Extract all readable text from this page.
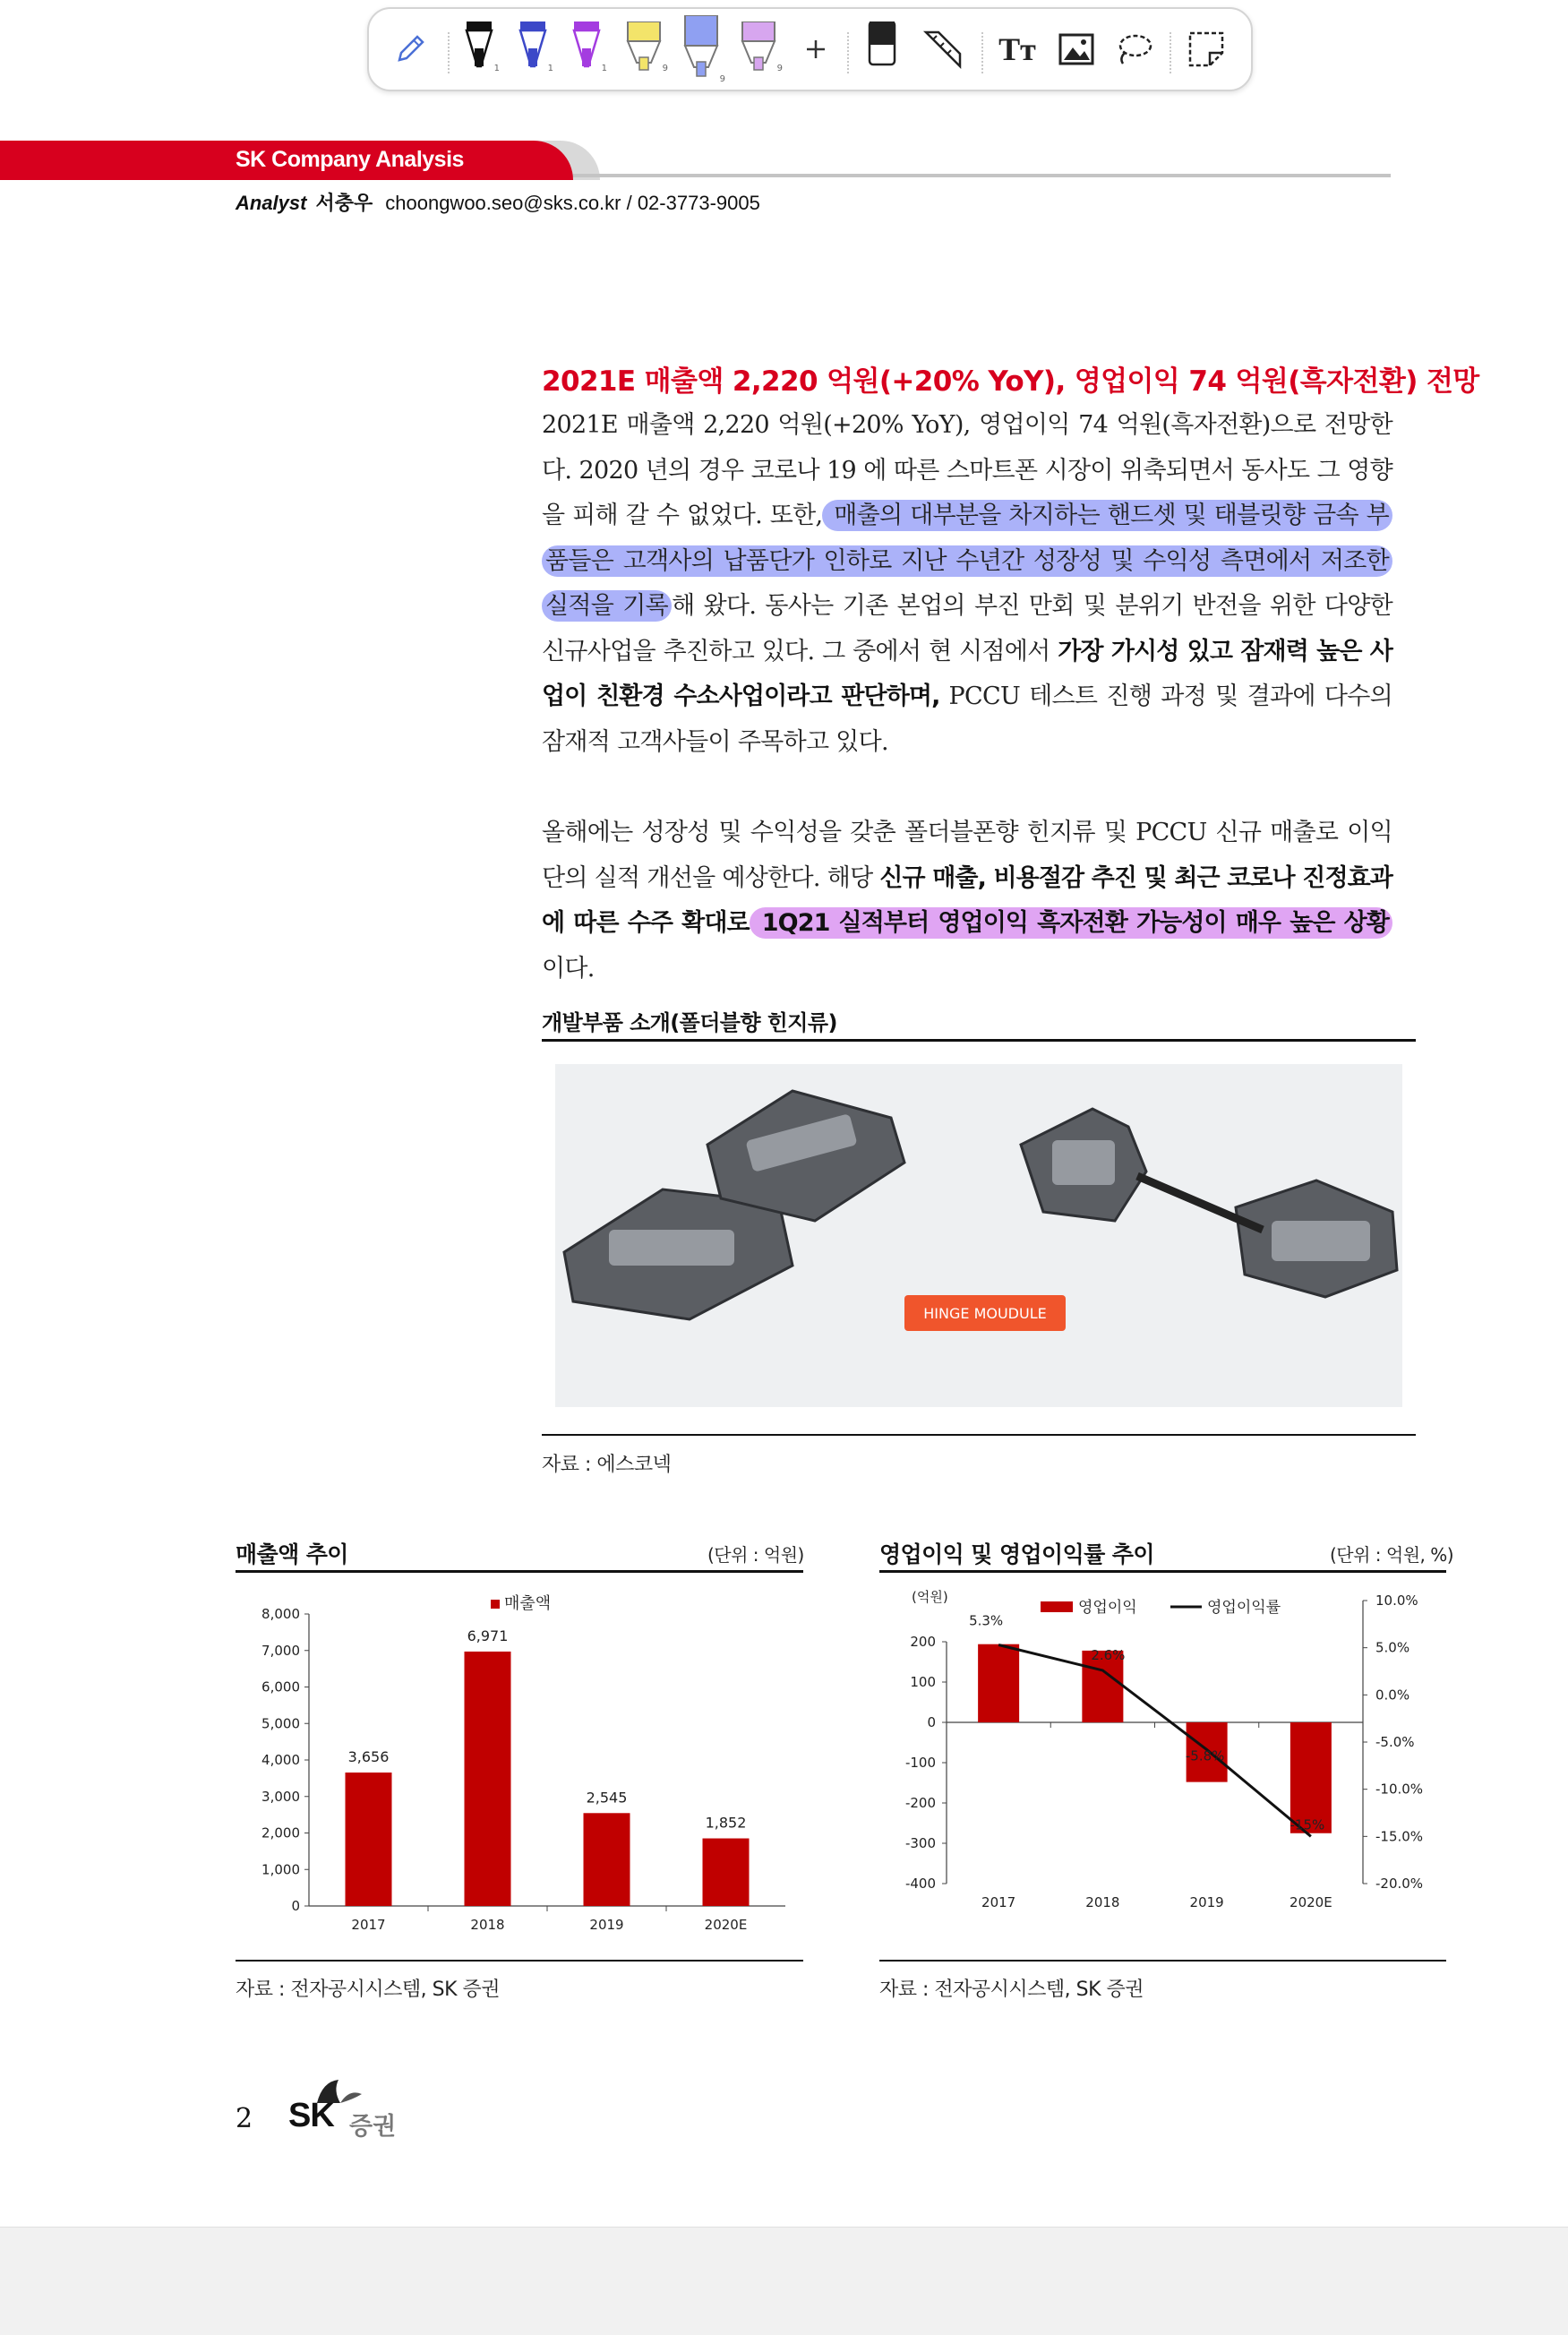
1	1	1	9
9
9
Tт
SK Company Analysis
Analyst 서충우 choongwoo.seo@sks.co.kr / 02-3773-9005
2021E 매출액 2,220 억원(+20% YoY), 영업이익 74 억원(흑자전환) 전망
2021E 매출액 2,220 억원(+20% YoY), 영업이익 74 억원(흑자전환)으로 전망한다. 2020 년의 경우 코로나 19 에 따른 스마트폰 시장이 위축되면서 동사도 그 영향을 피해 갈 수 없었다. 또한, 매출의 대부분을 차지하는 핸드셋 및 태블릿향 금속 부품들은 고객사의 납품단가 인하로 지난 수년간 성장성 및 수익성 측면에서 저조한 실적을 기록 해 왔다. 동사는 기존 본업의 부진 만회 및 분위기 반전을 위한 다양한 신규사업을 추진하고 있다. 그 중에서 현 시점에서 가장 가시성 있고 잠재력 높은 사업이 친환경 수소사업이라고 판단하며, PCCU 테스트 진행 과정 및 결과에 다수의 잠재적 고객사들이 주목하고 있다.
올해에는 성장성 및 수익성을 갖춘 폴더블폰향 힌지류 및 PCCU 신규 매출로 이익단의 실적 개선을 예상한다. 해당 신규 매출, 비용절감 추진 및 최근 코로나 진정효과에 따른 수주 확대로 1Q21 실적부터 영업이익 흑자전환 가능성이 매우 높은 상황이다.
개발부품 소개(폴더블향 힌지류)
HINGE MOUDULE
자료 : 에스코넥
매출액 추이	(단위 : 억원)
0
1,000
2,000
3,000
4,000
5,000
6,000
7,000
8,000
3,656
2017
6,971
2018
2,545
2019
1,852
2020E
매출액
자료 : 전자공시시스템, SK 증권
영업이익 및 영업이익률 추이	(단위 : 억원, %)
(억원)
200
100
0
-100
-200
-300
-400
10.0%
5.0%
0.0%
-5.0%
-10.0%
-15.0%
-20.0%
2017	2018	2019	2020E
5.3%
2.6%
-5.8%
-15%
영업이익	영업이익률
자료 : 전자공시시스템, SK 증권
2 SK 증권
